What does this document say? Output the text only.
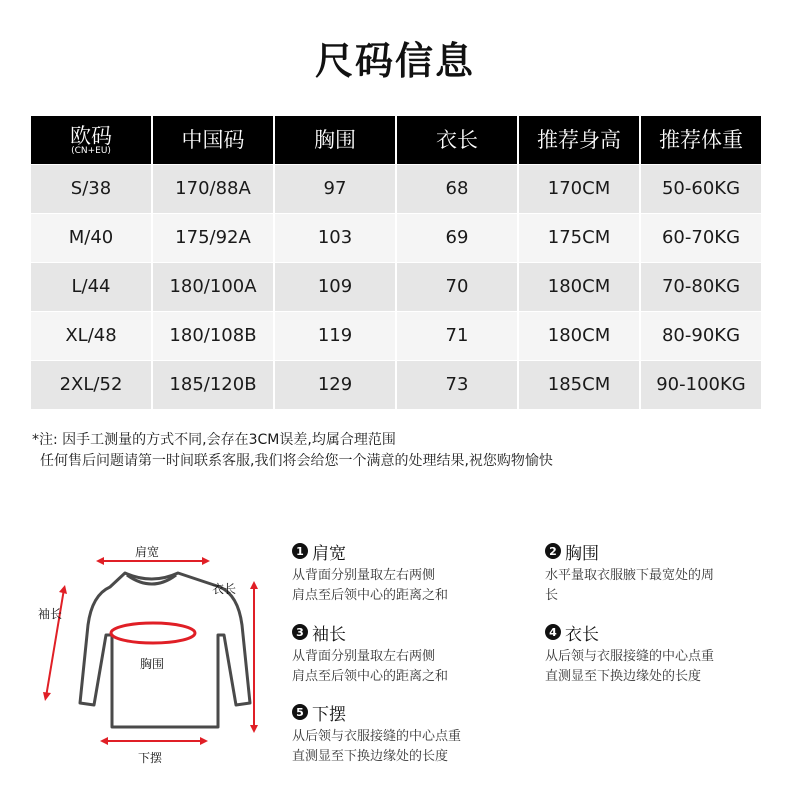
尺码信息
欧码
(CN+EU)	中国码	胸围	衣长	推荐身高	推荐体重

S/38	170/88A	97	68	170CM	50-60KG
M/40	175/92A	103	69	175CM	60-70KG
L/44	180/100A	109	70	180CM	70-80KG
XL/48	180/108B	119	71	180CM	80-90KG
2XL/52	185/120B	129	73	185CM	90-100KG
*注: 因手工测量的方式不同,会存在3CM误差,均属合理范围
任何售后问题请第一时间联系客服,我们将会给您一个满意的处理结果,祝您购物愉快
肩宽
衣长
袖长
胸围
下摆
1 肩宽
从背面分别量取左右两侧
肩点至后领中心的距离之和
2 胸围
水平量取衣服腋下最宽处的周
长
3 袖长
从背面分别量取左右两侧
肩点至后领中心的距离之和
4 衣长
从后领与衣服接缝的中心点重
直测显至下换边缘处的长度
5 下摆
从后领与衣服接缝的中心点重
直测显至下换边缘处的长度
